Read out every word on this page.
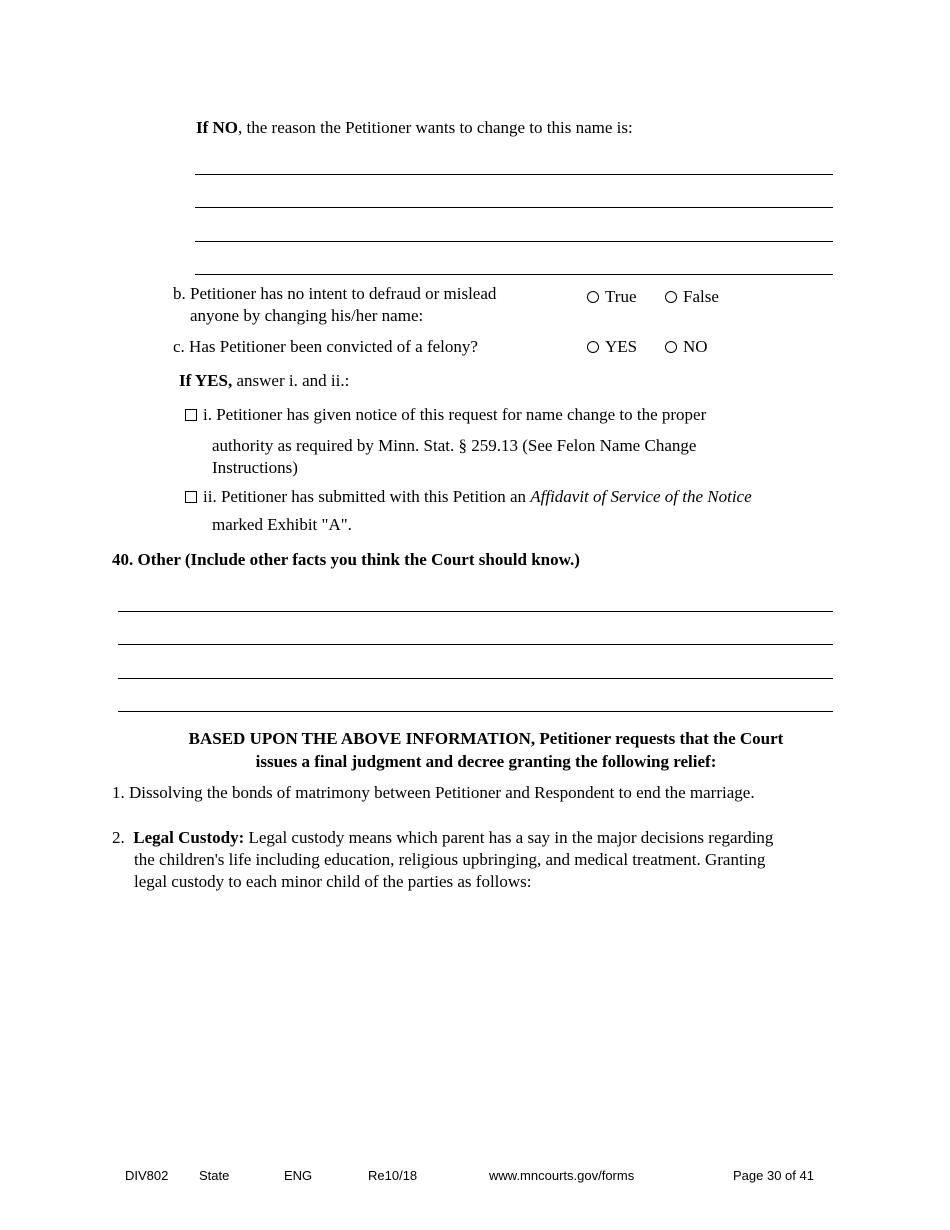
If NO, the reason the Petitioner wants to change to this name is:
b. Petitioner has no intent to defraud or mislead
anyone by changing his/her name:
True	False
c. Has Petitioner been convicted of a felony?	YES	NO
If YES, answer i. and ii.:
i. Petitioner has given notice of this request for name change to the proper
authority as required by Minn. Stat. § 259.13 (See Felon Name Change
Instructions)
ii. Petitioner has submitted with this Petition an Affidavit of Service of the Notice
marked Exhibit "A".
40. Other (Include other facts you think the Court should know.)
BASED UPON THE ABOVE INFORMATION, Petitioner requests that the Court
issues a final judgment and decree granting the following relief:
1. Dissolving the bonds of matrimony between Petitioner and Respondent to end the marriage.
2.  Legal Custody: Legal custody means which parent has a say in the major decisions regarding
the children's life including education, religious upbringing, and medical treatment. Granting
legal custody to each minor child of the parties as follows:
DIV802 State	ENG	Re10/18	www.mncourts.gov/forms	Page 30 of 41
